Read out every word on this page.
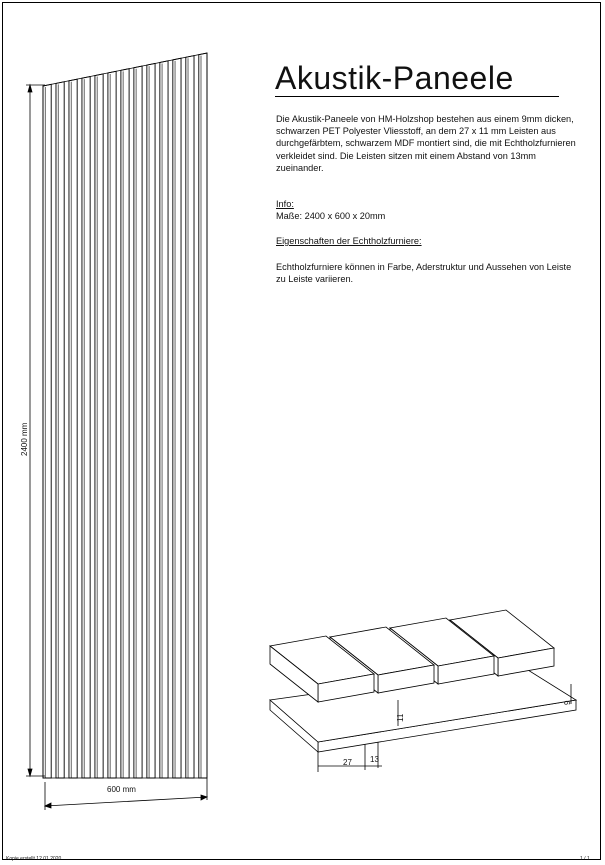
Akustik-Paneele
Die Akustik-Paneele von HM-Holzshop bestehen aus einem 9mm dicken, schwarzen PET Polyester Vliesstoff, an dem 27 x 11 mm Leisten aus durchgefärbtem, schwarzem MDF montiert sind, die mit Echtholzfurnieren verkleidet sind. Die Leisten sitzen mit einem Abstand von 13mm zueinander.
Info:
Maße: 2400 x 600 x 20mm
Eigenschaften der Echtholzfurniere:
Echtholzfurniere können in Farbe, Aderstruktur und Aussehen von Leiste zu Leiste variieren.
2400 mm
600 mm
27 13
11
9
Kopie erstellt 12.01.2020	1 / 1
